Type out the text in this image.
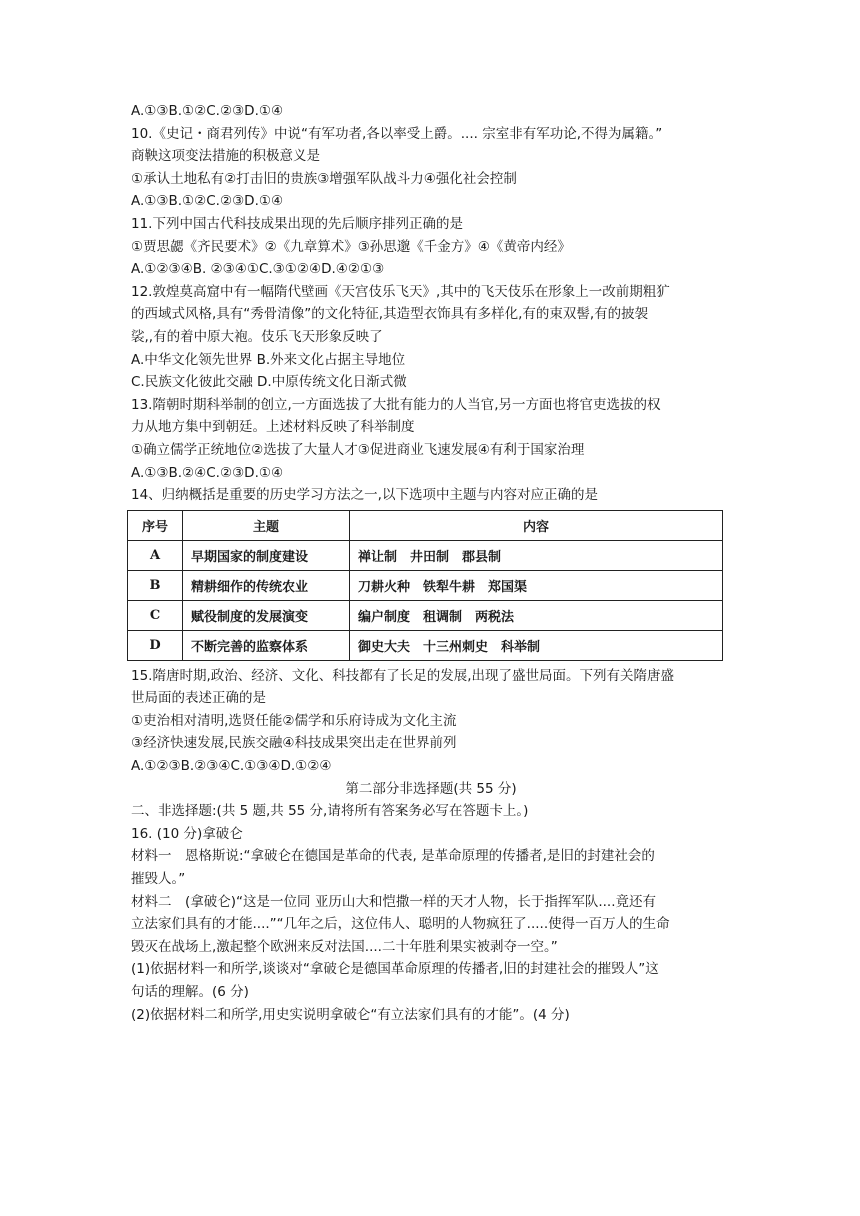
A.①③B.①②C.②③D.①④
10.《史记・商君列传》中说“有军功者,各以率受上爵。.... 宗室非有军功论,不得为属籍。”
商鞅这项变法措施的积极意义是
①承认土地私有②打击旧的贵族③增强军队战斗力④强化社会控制
A.①③B.①②C.②③D.①④
11.下列中国古代科技成果出现的先后顺序排列正确的是
①贾思勰《齐民要术》②《九章算术》③孙思邈《千金方》④《黄帝内经》
A.①②③④B. ②③④①C.③①②④D.④②①③
12.敦煌莫高窟中有一幅隋代壁画《天宫伎乐飞天》,其中的飞天伎乐在形象上一改前期粗犷
的西域式风格,具有“秀骨清像”的文化特征,其造型衣饰具有多样化,有的束双髻,有的披袈
裟,,有的着中原大袍。伎乐飞天形象反映了
A.中华文化领先世界 B.外来文化占据主导地位
C.民族文化彼此交融 D.中原传统文化日渐式微
13.隋朝时期科举制的创立,一方面选拔了大批有能力的人当官,另一方面也将官吏选拔的权
力从地方集中到朝廷。上述材料反映了科举制度
①确立儒学正统地位②选拔了大量人才③促进商业飞速发展④有利于国家治理
A.①③B.②④C.②③D.①④
14、归纳概括是重要的历史学习方法之一,以下选项中主题与内容对应正确的是
序号	主题	内容
A	早期国家的制度建设	禅让制　井田制　郡县制
B	精耕细作的传统农业	刀耕火种　铁犁牛耕　郑国渠
C	赋役制度的发展演变	编户制度　租调制　两税法
D	不断完善的监察体系	御史大夫　十三州刺史　科举制
15.隋唐时期,政治、经济、文化、科技都有了长足的发展,出现了盛世局面。下列有关隋唐盛
世局面的表述正确的是
①吏治相对清明,选贤任能②儒学和乐府诗成为文化主流
③经济快速发展,民族交融④科技成果突出走在世界前列
A.①②③B.②③④C.①③④D.①②④
第二部分非选择题(共 55 分)
二、非选择题:(共 5 题,共 55 分,请将所有答案务必写在答题卡上。)
16. (10 分)拿破仑
材料一　恩格斯说:“拿破仑在德国是革命的代表, 是革命原理的传播者,是旧的封建社会的
摧毁人。”
材料二　(拿破仑)“这是一位同 亚历山大和恺撒一样的天才人物，长于指挥军队....竟还有
立法家们具有的才能....”“几年之后，这位伟人、聪明的人物疯狂了.....使得一百万人的生命
毁灭在战场上,激起整个欧洲来反对法国....二十年胜利果实被剥夺一空。”
(1)依据材料一和所学,谈谈对“拿破仑是德国革命原理的传播者,旧的封建社会的摧毁人”这
句话的理解。(6 分)
(2)依据材料二和所学,用史实说明拿破仑“有立法家们具有的才能”。(4 分)
